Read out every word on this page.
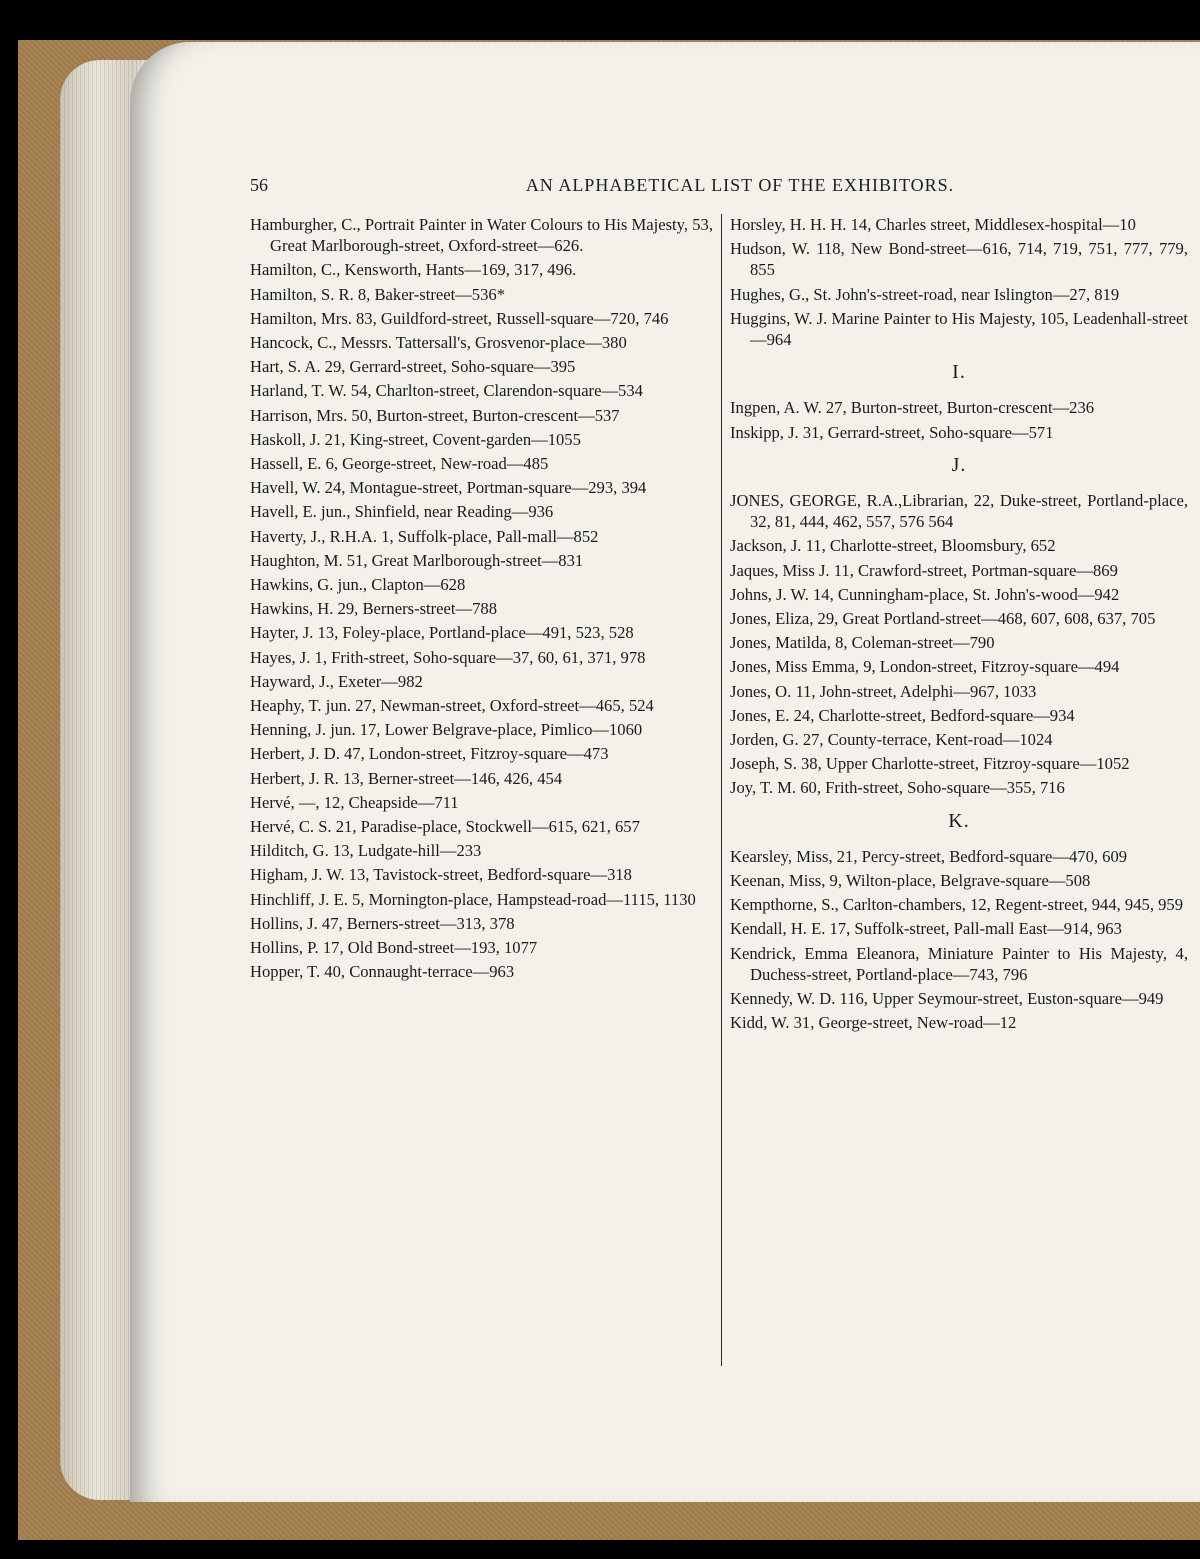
56	AN ALPHABETICAL LIST OF THE EXHIBITORS.
Hamburgher, C., Portrait Painter in Water Colours to His Majesty, 53, Great Marlborough-street, Oxford-street—626.
Hamilton, C., Kensworth, Hants—169, 317, 496.
Hamilton, S. R. 8, Baker-street—536*
Hamilton, Mrs. 83, Guildford-street, Russell-square—720, 746
Hancock, C., Messrs. Tattersall's, Grosvenor-place—380
Hart, S. A. 29, Gerrard-street, Soho-square—395
Harland, T. W. 54, Charlton-street, Clarendon-square—534
Harrison, Mrs. 50, Burton-street, Burton-crescent—537
Haskoll, J. 21, King-street, Covent-garden—1055
Hassell, E. 6, George-street, New-road—485
Havell, W. 24, Montague-street, Portman-square—293, 394
Havell, E. jun., Shinfield, near Reading—936
Haverty, J., R.H.A. 1, Suffolk-place, Pall-mall—852
Haughton, M. 51, Great Marlborough-street—831
Hawkins, G. jun., Clapton—628
Hawkins, H. 29, Berners-street—788
Hayter, J. 13, Foley-place, Portland-place—491, 523, 528
Hayes, J. 1, Frith-street, Soho-square—37, 60, 61, 371, 978
Hayward, J., Exeter—982
Heaphy, T. jun. 27, Newman-street, Oxford-street—465, 524
Henning, J. jun. 17, Lower Belgrave-place, Pimlico—1060
Herbert, J. D. 47, London-street, Fitzroy-square—473
Herbert, J. R. 13, Berner-street—146, 426, 454
Hervé, —, 12, Cheapside—711
Hervé, C. S. 21, Paradise-place, Stockwell—615, 621, 657
Hilditch, G. 13, Ludgate-hill—233
Higham, J. W. 13, Tavistock-street, Bedford-square—318
Hinchliff, J. E. 5, Mornington-place, Hampstead-road—1115, 1130
Hollins, J. 47, Berners-street—313, 378
Hollins, P. 17, Old Bond-street—193, 1077
Hopper, T. 40, Connaught-terrace—963
Horsley, H. H. H. 14, Charles street, Middlesex-hospital—10
Hudson, W. 118, New Bond-street—616, 714, 719, 751, 777, 779, 855
Hughes, G., St. John's-street-road, near Islington—27, 819
Huggins, W. J. Marine Painter to His Majesty, 105, Leadenhall-street—964
I.
Ingpen, A. W. 27, Burton-street, Burton-crescent—236
Inskipp, J. 31, Gerrard-street, Soho-square—571
J.
JONES, GEORGE, R.A.,Librarian, 22, Duke-street, Portland-place, 32, 81, 444, 462, 557, 576 564
Jackson, J. 11, Charlotte-street, Bloomsbury, 652
Jaques, Miss J. 11, Crawford-street, Portman-square—869
Johns, J. W. 14, Cunningham-place, St. John's-wood—942
Jones, Eliza, 29, Great Portland-street—468, 607, 608, 637, 705
Jones, Matilda, 8, Coleman-street—790
Jones, Miss Emma, 9, London-street, Fitzroy-square—494
Jones, O. 11, John-street, Adelphi—967, 1033
Jones, E. 24, Charlotte-street, Bedford-square—934
Jorden, G. 27, County-terrace, Kent-road—1024
Joseph, S. 38, Upper Charlotte-street, Fitzroy-square—1052
Joy, T. M. 60, Frith-street, Soho-square—355, 716
K.
Kearsley, Miss, 21, Percy-street, Bedford-square—470, 609
Keenan, Miss, 9, Wilton-place, Belgrave-square—508
Kempthorne, S., Carlton-chambers, 12, Regent-street, 944, 945, 959
Kendall, H. E. 17, Suffolk-street, Pall-mall East—914, 963
Kendrick, Emma Eleanora, Miniature Painter to His Majesty, 4, Duchess-street, Portland-place—743, 796
Kennedy, W. D. 116, Upper Seymour-street, Euston-square—949
Kidd, W. 31, George-street, New-road—12
